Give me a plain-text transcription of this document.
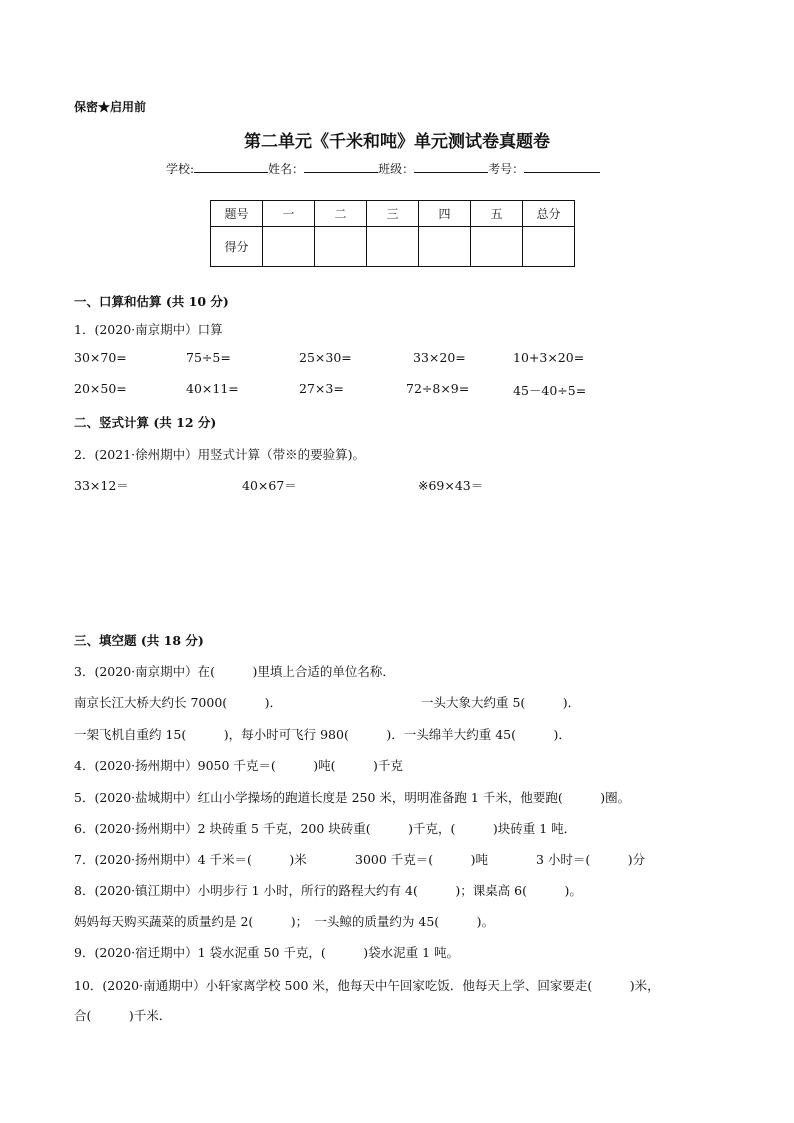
保密★启用前
第二单元《千米和吨》单元测试卷真题卷
学校:	姓名：	班级：	考号：
题号	一	二	三	四	五	总分
得分						
一、口算和估算 (共 10 分)
1．(2020·南京期中）口算
30×70=	75÷5=	25×30=	33×20=	10+3×20=
20×50=	40×11=	27×3=	72÷8×9=	45－40÷5=
二、竖式计算 (共 12 分)
2．(2021·徐州期中）用竖式计算（带※的要验算)。
33×12＝	40×67＝	※69×43＝
三、填空题 (共 18 分)
3．(2020·南京期中）在(　　　)里填上合适的单位名称．
南京长江大桥大约长 7000(　　　)．	一头大象大约重 5(　　　)．
一架飞机自重约 15(　　　)，每小时可飞行 980(　　　)．一头绵羊大约重 45(　　　)．
4．(2020·扬州期中）9050 千克＝(　　　)吨(　　　)千克
5．(2020·盐城期中）红山小学操场的跑道长度是 250 米，明明准备跑 1 千米，他要跑(　　　)圈。
6．(2020·扬州期中）2 块砖重 5 千克，200 块砖重(　　　)千克，(　　　)块砖重 1 吨．
7．(2020·扬州期中）4 千米＝(　　　)米	3000 千克＝(　　　)吨	3 小时＝(　　　)分
8．(2020·镇江期中）小明步行 1 小时，所行的路程大约有 4(　　　)；课桌高 6(　　　)。
妈妈每天购买蔬菜的质量约是 2(　　　)；　一头鲸的质量约为 45(　　　)。
9．(2020·宿迁期中）1 袋水泥重 50 千克，(　　　)袋水泥重 1 吨。
10．(2020·南通期中）小轩家离学校 500 米，他每天中午回家吃饭．他每天上学、回家要走(　　　)米，
合(　　　)千米．
